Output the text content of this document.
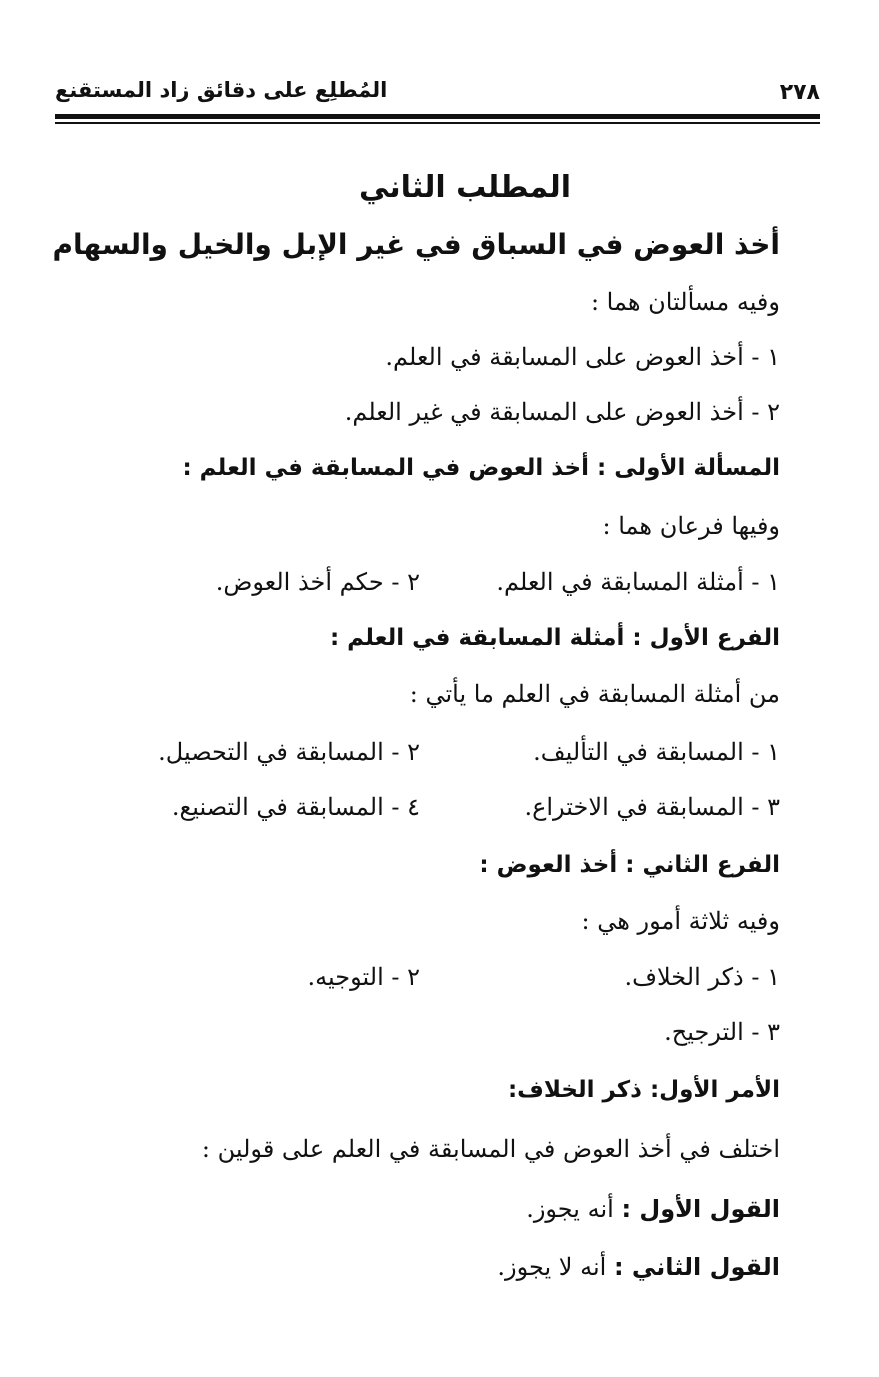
٢٧٨
المُطلِع على دقائق زاد المستقنع
المطلب الثاني
أخذ العوض في السباق في غير الإبل والخيل والسهام
وفيه مسألتان هما :
١ - أخذ العوض على المسابقة في العلم.
٢ - أخذ العوض على المسابقة في غير العلم.
المسألة الأولى : أخذ العوض في المسابقة في العلم :
وفيها فرعان هما :
١ - أمثلة المسابقة في العلم.
٢ - حكم أخذ العوض.
الفرع الأول : أمثلة المسابقة في العلم :
من أمثلة المسابقة في العلم ما يأتي :
١ - المسابقة في التأليف.
٢ - المسابقة في التحصيل.
٣ - المسابقة في الاختراع.
٤ - المسابقة في التصنيع.
الفرع الثاني : أخذ العوض :
وفيه ثلاثة أمور هي :
١ - ذكر الخلاف.
٢ - التوجيه.
٣ - الترجيح.
الأمر الأول: ذكر الخلاف:
اختلف في أخذ العوض في المسابقة في العلم على قولين :
القول الأول : أنه يجوز.
القول الثاني : أنه لا يجوز.
